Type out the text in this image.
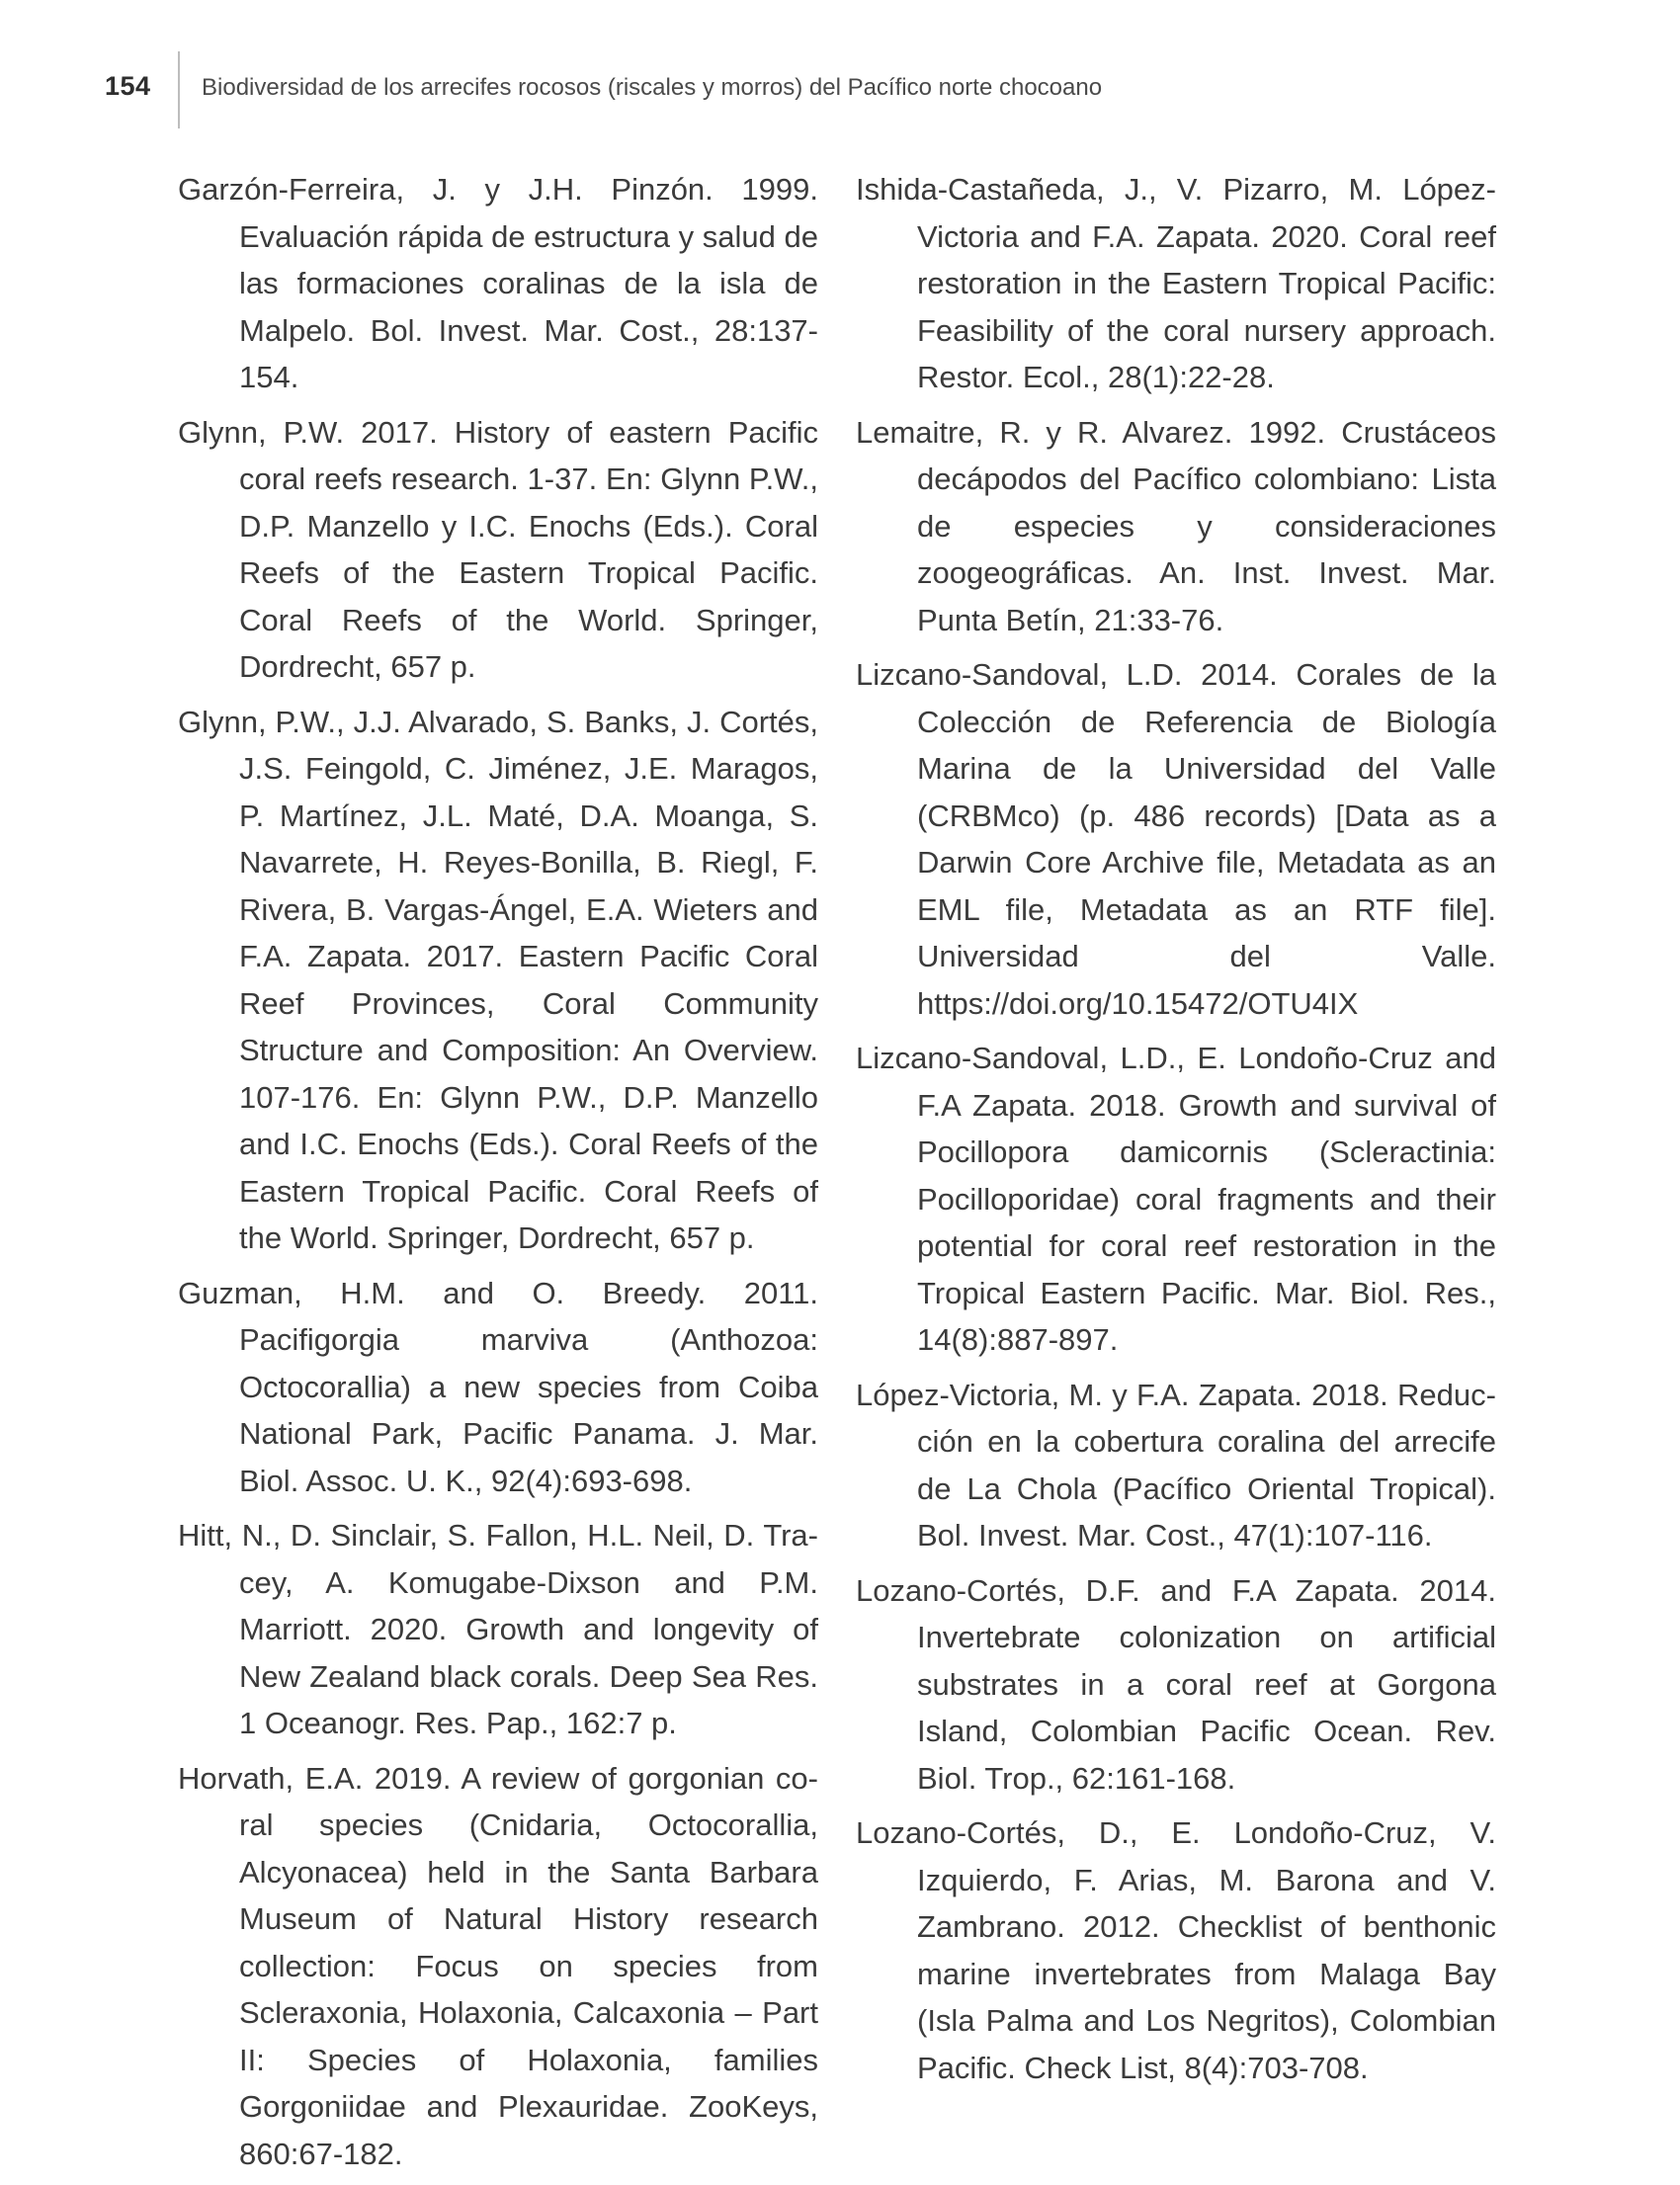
154 Biodiversidad de los arrecifes rocosos (riscales y morros) del Pacífico norte chocoano

Garzón-Ferreira, J. y J.H. Pinzón. 1999. Evaluación rápida de estructura y salud de las formaciones coralinas de la isla de Malpelo. Bol. Invest. Mar. Cost., 28:137-154.

Glynn, P.W. 2017. History of eastern Pacific coral reefs research. 1-37. En: Glynn P.W., D.P. Manzello y I.C. Enochs (Eds.). Coral Reefs of the Eastern Tropical Pacific. Coral Reefs of the World. Springer, Dordrecht, 657 p.

Glynn, P.W., J.J. Alvarado, S. Banks, J. Cortés, J.S. Feingold, C. Jiménez, J.E. Maragos, P. Martínez, J.L. Maté, D.A. Moanga, S. Navarrete, H. Reyes-Bonilla, B. Riegl, F. Rivera, B. Vargas-Ángel, E.A. Wieters and F.A. Zapata. 2017. Eastern Pacific Coral Reef Provinces, Coral Community Structure and Composition: An Overview. 107-176. En: Glynn P.W., D.P. Manzello and I.C. Enochs (Eds.). Coral Reefs of the Eastern Tropical Pacific. Coral Reefs of the World. Springer, Dordrecht, 657 p.

Guzman, H.M. and O. Breedy. 2011. Pacifigorgia marviva (Anthozoa: Octocorallia) a new species from Coiba National Park, Pacific Panama. J. Mar. Biol. Assoc. U. K., 92(4):693-698.

Hitt, N., D. Sinclair, S. Fallon, H.L. Neil, D. Tracey, A. Komugabe-Dixson and P.M. Marriott. 2020. Growth and longevity of New Zealand black corals. Deep Sea Res. 1 Oceanogr. Res. Pap., 162:7 p.

Horvath, E.A. 2019. A review of gorgonian coral species (Cnidaria, Octocorallia, Alcyonacea) held in the Santa Barbara Museum of Natural History research collection: Focus on species from Scleraxonia, Holaxonia, Calcaxonia – Part II: Species of Holaxonia, families Gorgoniidae and Plexauridae. ZooKeys, 860:67-182.

Ishida-Castañeda, J., V. Pizarro, M. López-Victoria and F.A. Zapata. 2020. Coral reef restoration in the Eastern Tropical Pacific: Feasibility of the coral nursery approach. Restor. Ecol., 28(1):22-28.

Lemaitre, R. y R. Alvarez. 1992. Crustáceos decápodos del Pacífico colombiano: Lista de especies y consideraciones zoogeográficas. An. Inst. Invest. Mar. Punta Betín, 21:33-76.

Lizcano-Sandoval, L.D. 2014. Corales de la Colección de Referencia de Biología Marina de la Universidad del Valle (CRBMco) (p. 486 records) [Data as a Darwin Core Archive file, Metadata as an EML file, Metadata as an RTF file]. Universidad del Valle. https://doi.org/10.15472/OTU4IX

Lizcano-Sandoval, L.D., E. Londoño-Cruz and F.A Zapata. 2018. Growth and survival of Pocillopora damicornis (Scleractinia: Pocilloporidae) coral fragments and their potential for coral reef restoration in the Tropical Eastern Pacific. Mar. Biol. Res., 14(8):887-897.

López-Victoria, M. y F.A. Zapata. 2018. Reducción en la cobertura coralina del arrecife de La Chola (Pacífico Oriental Tropical). Bol. Invest. Mar. Cost., 47(1):107-116.

Lozano-Cortés, D.F. and F.A Zapata. 2014. Invertebrate colonization on artificial substrates in a coral reef at Gorgona Island, Colombian Pacific Ocean. Rev. Biol. Trop., 62:161-168.

Lozano-Cortés, D., E. Londoño-Cruz, V. Izquierdo, F. Arias, M. Barona and V. Zambrano. 2012. Checklist of benthonic marine invertebrates from Malaga Bay (Isla Palma and Los Negritos), Colombian Pacific. Check List, 8(4):703-708.
